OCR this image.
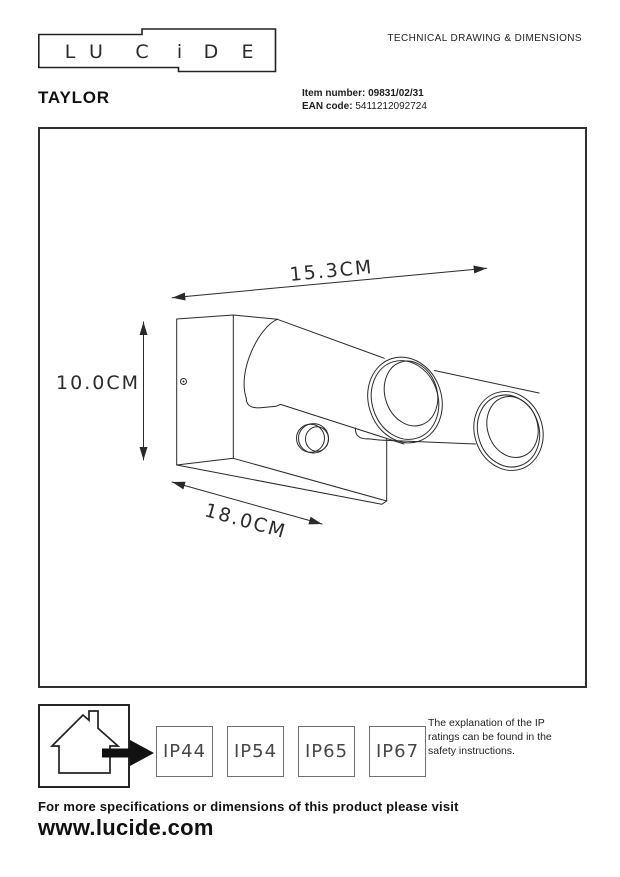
L U C i D E
TECHNICAL DRAWING & DIMENSIONS
TAYLOR	Item number: 09831/02/31
EAN code: 5411212092724
15.3CM
10.0CM
18.0CM
IP44 IP54 IP65 IP67
The explanation of the IP ratings can be found in the safety instructions.
For more specifications or dimensions of this product please visit
www.lucide.com
